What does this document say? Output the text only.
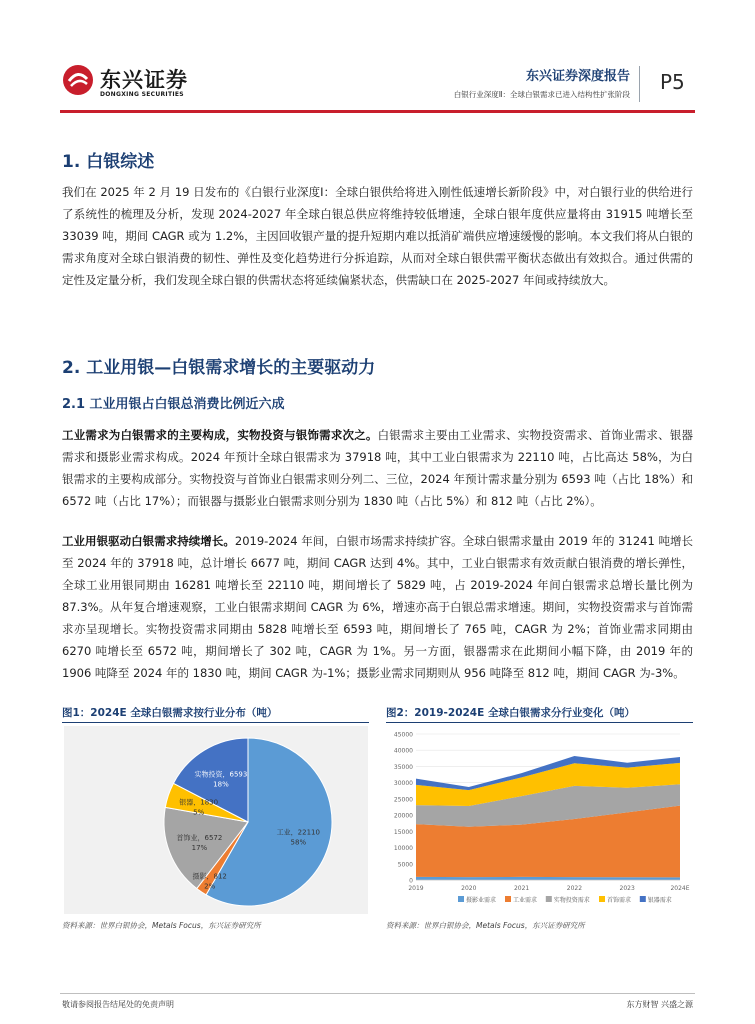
东兴证券
DONGXING SECURITIES
东兴证券深度报告
白银行业深度Ⅱ：全球白银需求已进入结构性扩张阶段
P5
1. 白银综述

我们在 2025 年 2 月 19 日发布的《白银行业深度Ⅰ：全球白银供给将进入刚性低速增长新阶段》中，对白银行业的供给进行了系统性的梳理及分析，发现 2024-2027 年全球白银总供应将维持较低增速，全球白银年度供应量将由 31915 吨增长至 33039 吨，期间 CAGR 或为 1.2%，主因回收银产量的提升短期内难以抵消矿端供应增速缓慢的影响。本文我们将从白银的需求角度对全球白银消费的韧性、弹性及变化趋势进行分拆追踪，从而对全球白银供需平衡状态做出有效拟合。通过供需的定性及定量分析，我们发现全球白银的供需状态将延续偏紧状态，供需缺口在 2025-2027 年间或持续放大。

2. 工业用银—白银需求增长的主要驱动力
2.1 工业用银占白银总消费比例近六成

工业需求为白银需求的主要构成，实物投资与银饰需求次之。白银需求主要由工业需求、实物投资需求、首饰业需求、银器需求和摄影业需求构成。2024 年预计全球白银需求为 37918 吨，其中工业白银需求为 22110 吨，占比高达 58%，为白银需求的主要构成部分。实物投资与首饰业白银需求则分列二、三位，2024 年预计需求量分别为 6593 吨（占比 18%）和 6572 吨（占比 17%）；而银器与摄影业白银需求则分别为 1830 吨（占比 5%）和 812 吨（占比 2%）。

工业用银驱动白银需求持续增长。2019-2024 年间，白银市场需求持续扩容。全球白银需求量由 2019 年的 31241 吨增长至 2024 年的 37918 吨，总计增长 6677 吨，期间 CAGR 达到 4%。其中，工业白银需求有效贡献白银消费的增长弹性，全球工业用银同期由 16281 吨增长至 22110 吨，期间增长了 5829 吨，占 2019-2024 年间白银需求总增长量比例为 87.3%。从年复合增速观察，工业白银需求期间 CAGR 为 6%，增速亦高于白银总需求增速。期间，实物投资需求与首饰需求亦呈现增长。实物投资需求同期由 5828 吨增长至 6593 吨，期间增长了 765 吨，CAGR 为 2%；首饰业需求同期由 6270 吨增长至 6572 吨，期间增长了 302 吨，CAGR 为 1%。另一方面，银器需求在此期间小幅下降，由 2019 年的 1906 吨降至 2024 年的 1830 吨，期间 CAGR 为-1%；摄影业需求同期则从 956 吨降至 812 吨，期间 CAGR 为-3%。

图1：2024E 全球白银需求按行业分布（吨）
工业，22110
58%
摄影，812
2%
首饰业，6572
17%
银器，1830
5%
实物投资，6593
18%
资料来源：世界白银协会，Metals Focus，东兴证券研究所
图2：2019-2024E 全球白银需求分行业变化（吨）
0
5000
10000
15000
20000
25000
30000
35000
40000
45000
2019	2020	2021	2022	2023	2024E
摄影业需求	工业需求	实物投资需求	首饰需求	银器需求
资料来源：世界白银协会，Metals Focus，东兴证券研究所
敬请参阅报告结尾处的免责声明	东方财智 兴盛之源
